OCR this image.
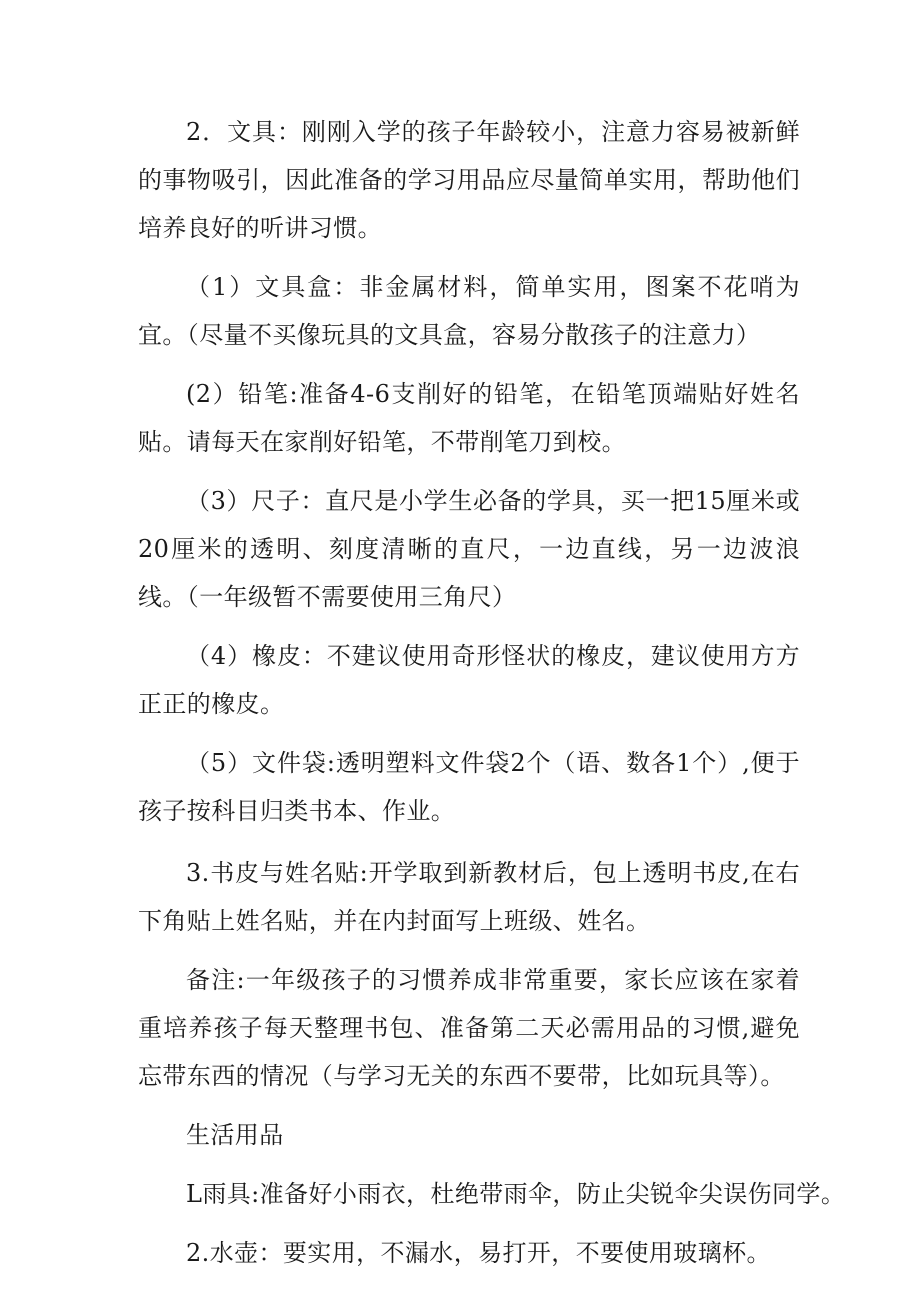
2．文具：刚刚入学的孩子年龄较小，注意力容易被新鲜的事物吸引，因此准备的学习用品应尽量简单实用，帮助他们培养良好的听讲习惯。

（1）文具盒：非金属材料，简单实用，图案不花哨为宜。（尽量不买像玩具的文具盒，容易分散孩子的注意力）

(2）铅笔:准备4-6支削好的铅笔，在铅笔顶端贴好姓名贴。请每天在家削好铅笔，不带削笔刀到校。

（3）尺子：直尺是小学生必备的学具，买一把15厘米或20厘米的透明、刻度清晰的直尺，一边直线，另一边波浪线。（一年级暂不需要使用三角尺）

（4）橡皮：不建议使用奇形怪状的橡皮，建议使用方方正正的橡皮。

（5）文件袋:透明塑料文件袋2个（语、数各1个）,便于孩子按科目归类书本、作业。

3.书皮与姓名贴:开学取到新教材后，包上透明书皮,在右下角贴上姓名贴，并在内封面写上班级、姓名。

备注:一年级孩子的习惯养成非常重要，家长应该在家着重培养孩子每天整理书包、准备第二天必需用品的习惯,避免忘带东西的情况（与学习无关的东西不要带，比如玩具等）。

生活用品

L雨具:准备好小雨衣，杜绝带雨伞，防止尖锐伞尖误伤同学。

2.水壶：要实用，不漏水，易打开，不要使用玻璃杯。
